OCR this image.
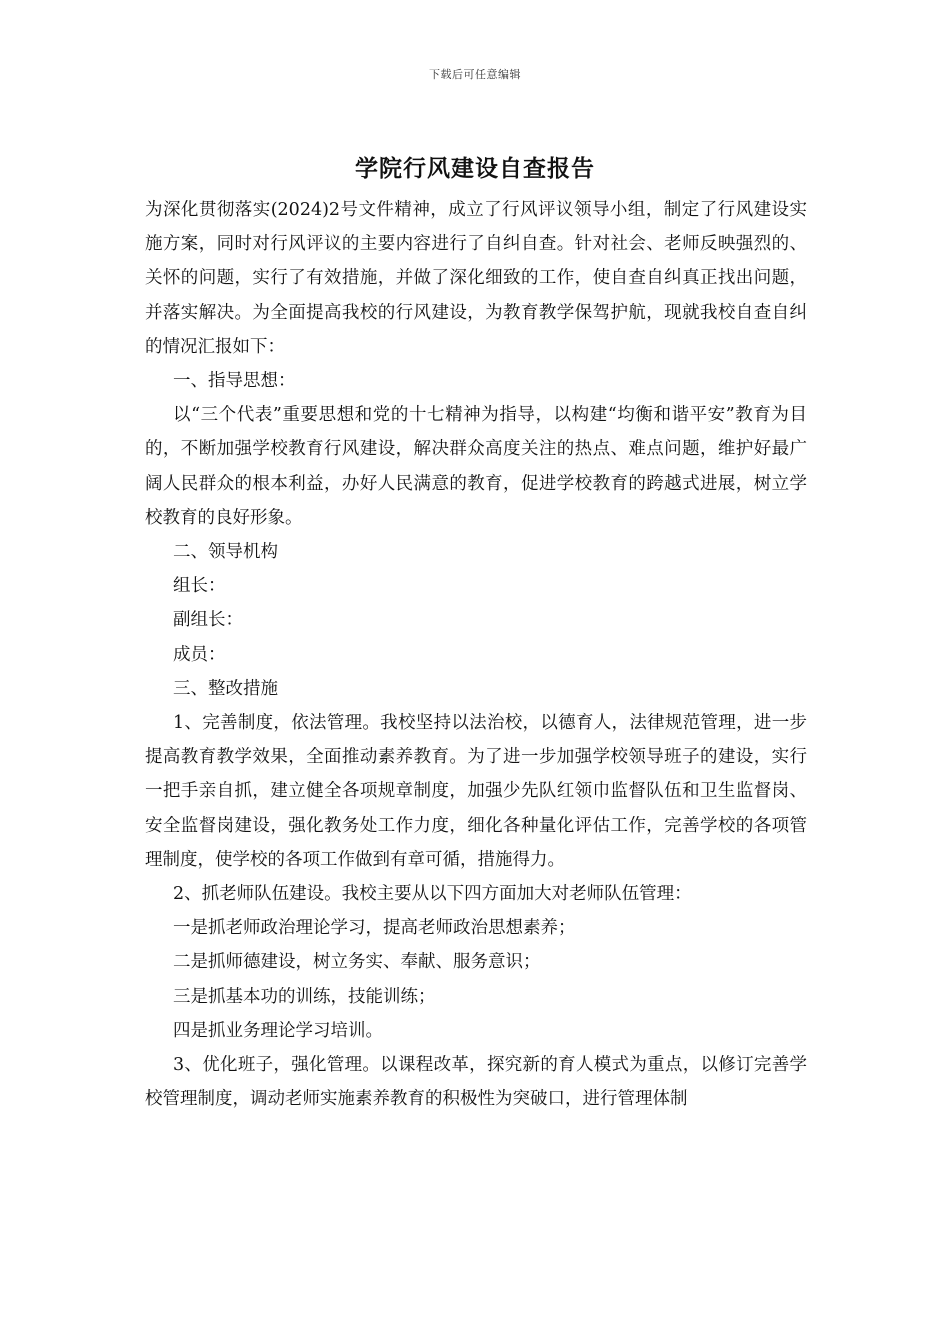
下载后可任意编辑
学院行风建设自查报告

为深化贯彻落实(2024)2号文件精神，成立了行风评议领导小组，制定了行风建设实施方案，同时对行风评议的主要内容进行了自纠自查。针对社会、老师反映强烈的、关怀的问题，实行了有效措施，并做了深化细致的工作，使自查自纠真正找出问题，并落实解决。为全面提高我校的行风建设，为教育教学保驾护航，现就我校自查自纠的情况汇报如下：

一、指导思想：

以“三个代表”重要思想和党的十七精神为指导，以构建“均衡和谐平安”教育为目的，不断加强学校教育行风建设，解决群众高度关注的热点、难点问题，维护好最广阔人民群众的根本利益，办好人民满意的教育，促进学校教育的跨越式进展，树立学校教育的良好形象。

二、领导机构

组长：

副组长：

成员：

三、整改措施

1、完善制度，依法管理。我校坚持以法治校，以德育人，法律规范管理，进一步提高教育教学效果，全面推动素养教育。为了进一步加强学校领导班子的建设，实行一把手亲自抓，建立健全各项规章制度，加强少先队红领巾监督队伍和卫生监督岗、安全监督岗建设，强化教务处工作力度，细化各种量化评估工作，完善学校的各项管理制度，使学校的各项工作做到有章可循，措施得力。

2、抓老师队伍建设。我校主要从以下四方面加大对老师队伍管理：

一是抓老师政治理论学习，提高老师政治思想素养；

二是抓师德建设，树立务实、奉献、服务意识；

三是抓基本功的训练，技能训练；

四是抓业务理论学习培训。

3、优化班子，强化管理。以课程改革，探究新的育人模式为重点，以修订完善学校管理制度，调动老师实施素养教育的积极性为突破口，进行管理体制
